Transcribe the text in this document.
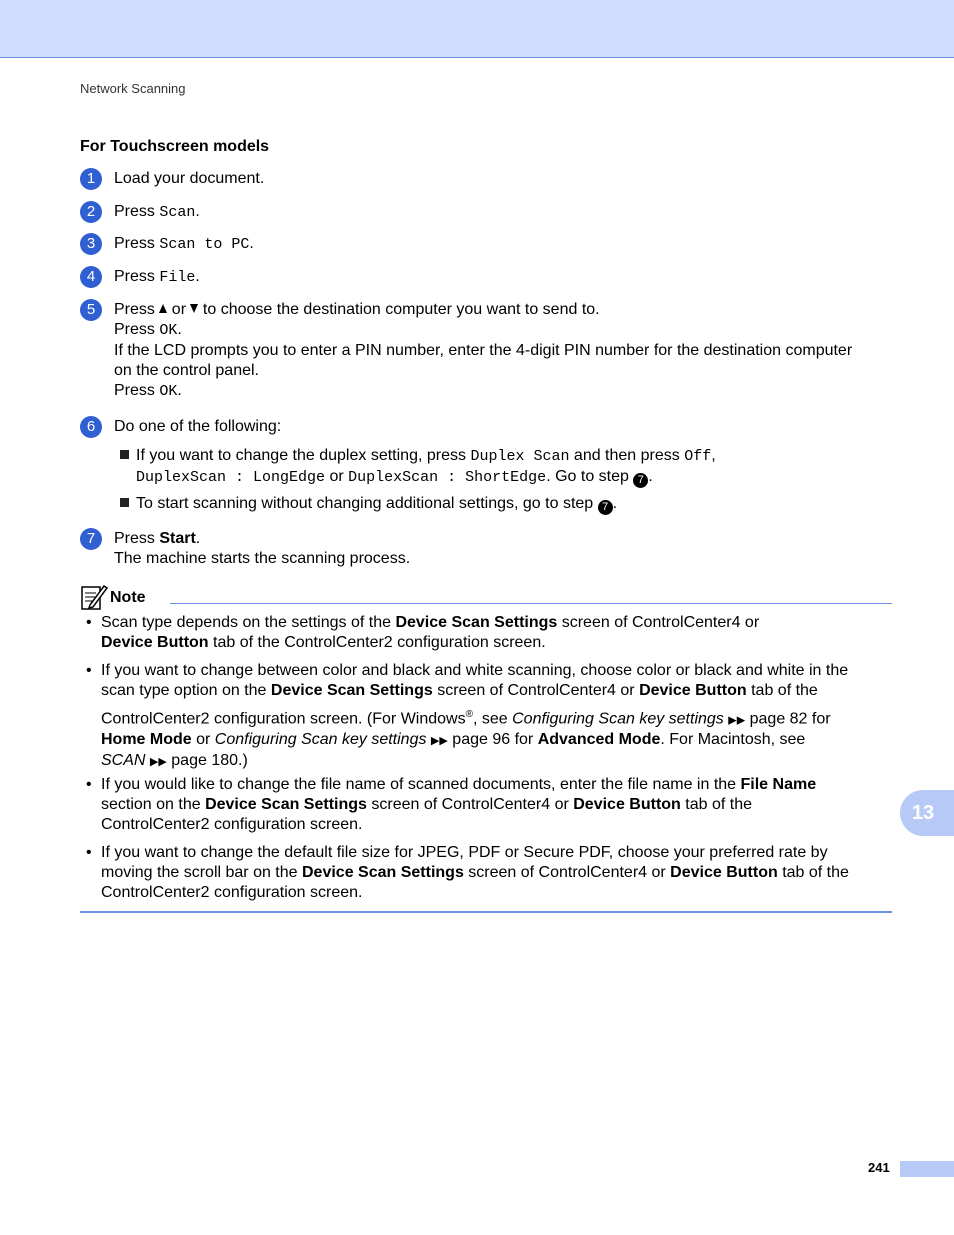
Network Scanning
For Touchscreen models
1	Load your document.
2	Press Scan.
3	Press Scan to PC.
4	Press File.
5	Press  or  to choose the destination computer you want to send to.
Press OK.
If the LCD prompts you to enter a PIN number, enter the 4-digit PIN number for the destination computer
on the control panel.
Press OK.
6	Do one of the following:
If you want to change the duplex setting, press Duplex Scan and then press Off,
DuplexScan : LongEdge or DuplexScan : ShortEdge. Go to step 7 .
To start scanning without changing additional settings, go to step 7 .
7	Press Start.
The machine starts the scanning process.
Note
• Scan type depends on the settings of the Device Scan Settings screen of ControlCenter4 or
Device Button tab of the ControlCenter2 configuration screen.
• If you want to change between color and black and white scanning, choose color or black and white in the
scan type option on the Device Scan Settings screen of ControlCenter4 or Device Button tab of the
ControlCenter2 configuration screen. (For Windows®, see Configuring Scan key settings ▶▶ page 82 for
Home Mode or Configuring Scan key settings ▶▶ page 96 for Advanced Mode. For Macintosh, see
SCAN ▶▶ page 180.)
• If you would like to change the file name of scanned documents, enter the file name in the File Name
section on the Device Scan Settings screen of ControlCenter4 or Device Button tab of the
ControlCenter2 configuration screen.
• If you want to change the default file size for JPEG, PDF or Secure PDF, choose your preferred rate by
moving the scroll bar on the Device Scan Settings screen of ControlCenter4 or Device Button tab of the
ControlCenter2 configuration screen.
13
241
